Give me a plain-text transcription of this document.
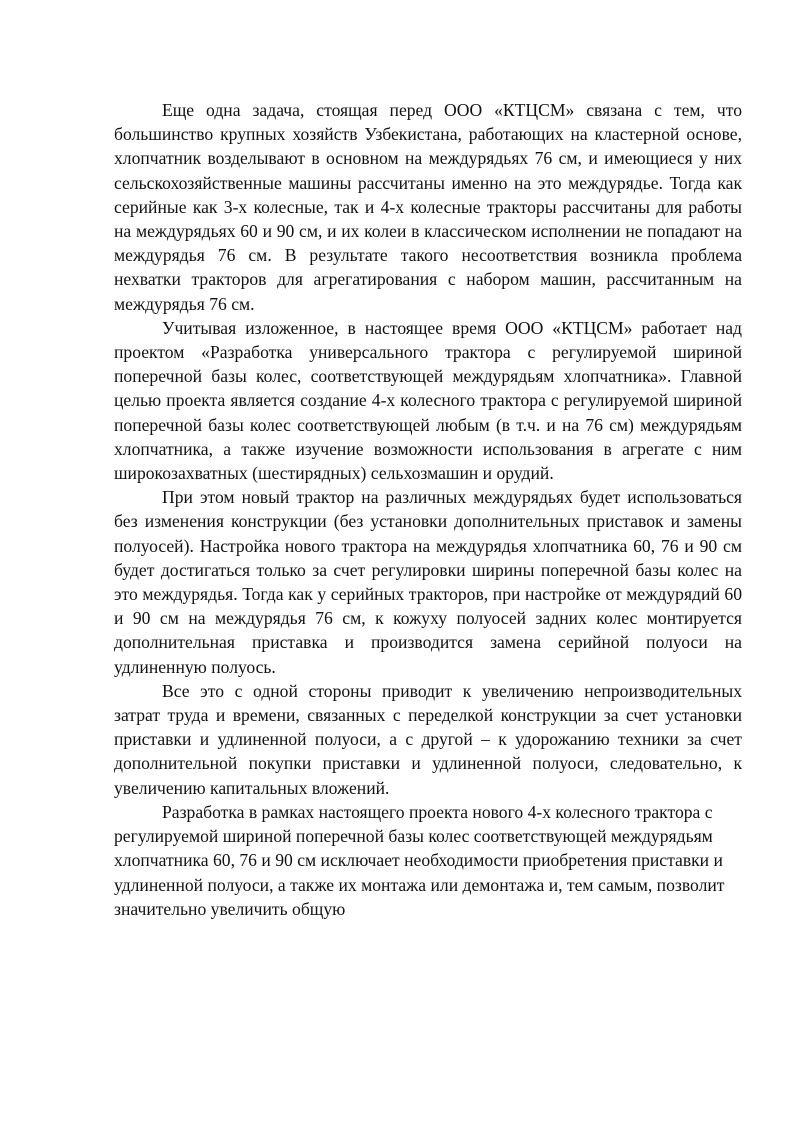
Еще одна задача, стоящая перед ООО «КТЦСМ» связана с тем, что большинство крупных хозяйств Узбекистана, работающих на кластерной основе, хлопчатник возделывают в основном на междурядьях 76 см, и имеющиеся у них сельскохозяйственные машины рассчитаны именно на это междурядье. Тогда как серийные как 3-х колесные, так и 4-х колесные тракторы рассчитаны для работы на междурядьях 60 и 90 см, и их колеи в классическом исполнении не попадают на междурядья 76 см. В результате такого несоответствия возникла проблема нехватки тракторов для агрегатирования с набором машин, рассчитанным на междурядья 76 см.

Учитывая изложенное, в настоящее время ООО «КТЦСМ» работает над проектом «Разработка универсального трактора с регулируемой шириной поперечной базы колес, соответствующей междурядьям хлопчатника». Главной целью проекта является создание 4-х колесного трактора с регулируемой шириной поперечной базы колес соответствующей любым (в т.ч. и на 76 см) междурядьям хлопчатника, а также изучение возможности использования в агрегате с ним широкозахватных (шестирядных) сельхозмашин и орудий.

При этом новый трактор на различных междурядьях будет использоваться без изменения конструкции (без установки дополнительных приставок и замены полуосей). Настройка нового трактора на междурядья хлопчатника 60, 76 и 90 см будет достигаться только за счет регулировки ширины поперечной базы колес на это междурядья. Тогда как у серийных тракторов, при настройке от междурядий 60 и 90 см на междурядья 76 см, к кожуху полуосей задних колес монтируется дополнительная приставка и производится замена серийной полуоси на удлиненную полуось.

Все это с одной стороны приводит к увеличению непроизводительных затрат труда и времени, связанных с переделкой конструкции за счет установки приставки и удлиненной полуоси, а с другой – к удорожанию техники за счет дополнительной покупки приставки и удлиненной полуоси, следовательно, к увеличению капитальных вложений.

Разработка в рамках настоящего проекта нового 4-х колесного трактора с регулируемой шириной поперечной базы колес соответствующей междурядьям хлопчатника 60, 76 и 90 см исключает необходимости приобретения приставки и удлиненной полуоси, а также их монтажа или демонтажа и, тем самым, позволит значительно увеличить общую
